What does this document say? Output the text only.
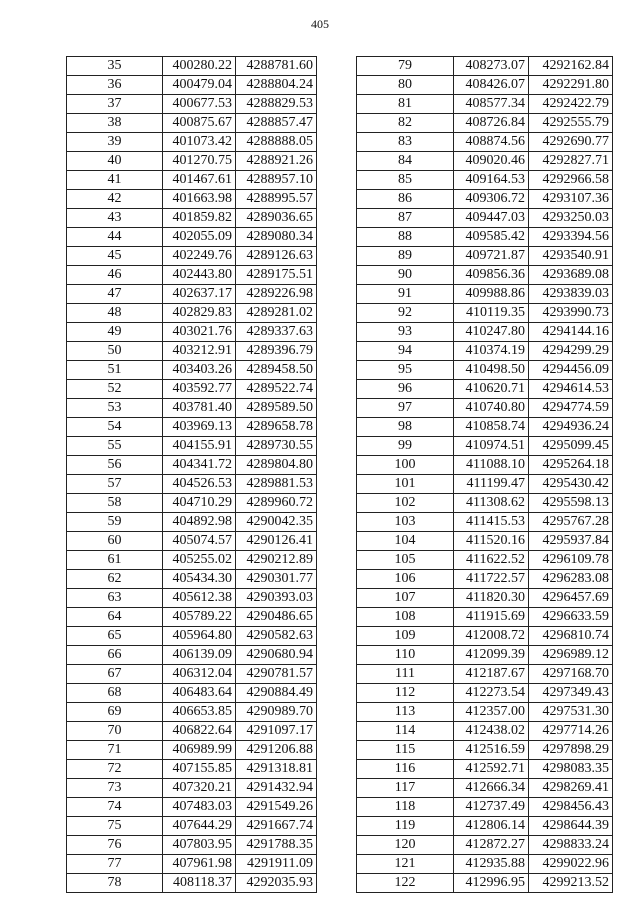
405
35	400280.22	4288781.60
36	400479.04	4288804.24
37	400677.53	4288829.53
38	400875.67	4288857.47
39	401073.42	4288888.05
40	401270.75	4288921.26
41	401467.61	4288957.10
42	401663.98	4288995.57
43	401859.82	4289036.65
44	402055.09	4289080.34
45	402249.76	4289126.63
46	402443.80	4289175.51
47	402637.17	4289226.98
48	402829.83	4289281.02
49	403021.76	4289337.63
50	403212.91	4289396.79
51	403403.26	4289458.50
52	403592.77	4289522.74
53	403781.40	4289589.50
54	403969.13	4289658.78
55	404155.91	4289730.55
56	404341.72	4289804.80
57	404526.53	4289881.53
58	404710.29	4289960.72
59	404892.98	4290042.35
60	405074.57	4290126.41
61	405255.02	4290212.89
62	405434.30	4290301.77
63	405612.38	4290393.03
64	405789.22	4290486.65
65	405964.80	4290582.63
66	406139.09	4290680.94
67	406312.04	4290781.57
68	406483.64	4290884.49
69	406653.85	4290989.70
70	406822.64	4291097.17
71	406989.99	4291206.88
72	407155.85	4291318.81
73	407320.21	4291432.94
74	407483.03	4291549.26
75	407644.29	4291667.74
76	407803.95	4291788.35
77	407961.98	4291911.09
78	408118.37	4292035.93
79	408273.07	4292162.84
80	408426.07	4292291.80
81	408577.34	4292422.79
82	408726.84	4292555.79
83	408874.56	4292690.77
84	409020.46	4292827.71
85	409164.53	4292966.58
86	409306.72	4293107.36
87	409447.03	4293250.03
88	409585.42	4293394.56
89	409721.87	4293540.91
90	409856.36	4293689.08
91	409988.86	4293839.03
92	410119.35	4293990.73
93	410247.80	4294144.16
94	410374.19	4294299.29
95	410498.50	4294456.09
96	410620.71	4294614.53
97	410740.80	4294774.59
98	410858.74	4294936.24
99	410974.51	4295099.45
100	411088.10	4295264.18
101	411199.47	4295430.42
102	411308.62	4295598.13
103	411415.53	4295767.28
104	411520.16	4295937.84
105	411622.52	4296109.78
106	411722.57	4296283.08
107	411820.30	4296457.69
108	411915.69	4296633.59
109	412008.72	4296810.74
110	412099.39	4296989.12
111	412187.67	4297168.70
112	412273.54	4297349.43
113	412357.00	4297531.30
114	412438.02	4297714.26
115	412516.59	4297898.29
116	412592.71	4298083.35
117	412666.34	4298269.41
118	412737.49	4298456.43
119	412806.14	4298644.39
120	412872.27	4298833.24
121	412935.88	4299022.96
122	412996.95	4299213.52
